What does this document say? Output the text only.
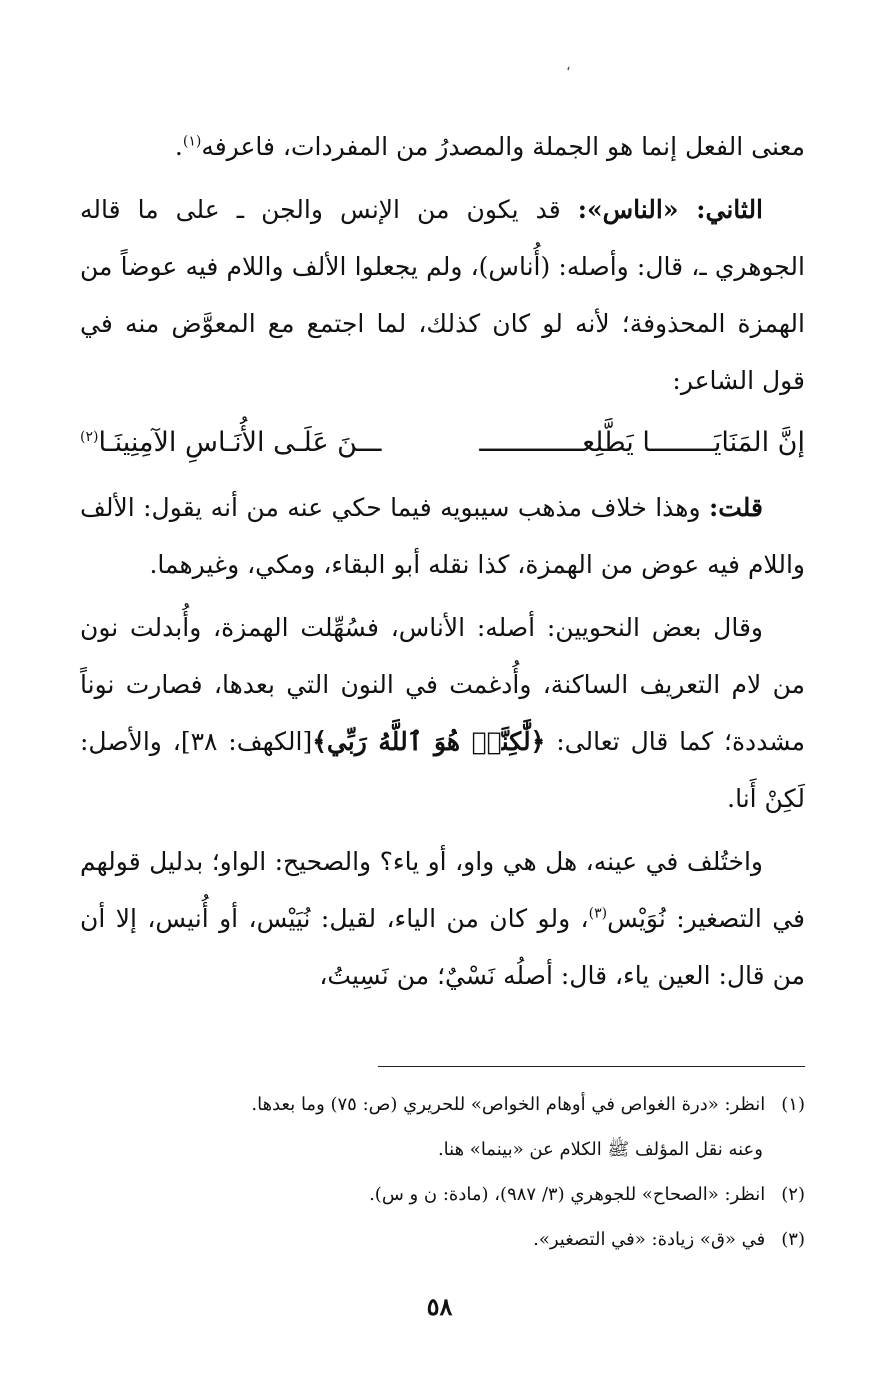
،

معنى الفعل إنما هو الجملة والمصدرُ من المفردات، فاعرفه$^{(١)}$.

الثاني: «الناس»: قد يكون من الإنس والجن ـ على ما قاله الجوهري ـ، قال: وأصله: (أُناس)، ولم يجعلوا الألف واللام فيه عوضاً من الهمزة المحذوفة؛ لأنه لو كان كذلك، لما اجتمع مع المعوَّض منه في قول الشاعر:

إنَّ المَنَايَــــــــا يَطَّلِعـــــــــــــ
ـــنَ عَلَـى الأُنَـاسِ الآمِنِينَـا$^{(٢)}$

قلت: وهذا خلاف مذهب سيبويه فيما حكي عنه من أنه يقول: الألف واللام فيه عوض من الهمزة، كذا نقله أبو البقاء، ومكي، وغيرهما.

وقال بعض النحويين: أصله: الأناس، فسُهِّلت الهمزة، وأُبدلت نون من لام التعريف الساكنة، وأُدغمت في النون التي بعدها، فصارت نوناً مشددة؛ كما قال تعالى: ﴿لَّٰكِنَّا۠ هُوَ ٱللَّهُ رَبِّي﴾[الكهف: ٣٨]، والأصل: لَكِنْ أَنا.

واختُلف في عينه، هل هي واو، أو ياء؟ والصحيح: الواو؛ بدليل قولهم في التصغير: نُوَيْس$^{(٣)}$، ولو كان من الياء، لقيل: نُيَيْس، أو أُنيس، إلا أن من قال: العين ياء، قال: أصلُه نَسْيٌ؛ من نَسِيتُ،

(١) انظر: «درة الغواص في أوهام الخواص» للحريري (ص: ٧٥) وما بعدها.

وعنه نقل المؤلف ﷺ الكلام عن «بينما» هنا.

(٢) انظر: «الصحاح» للجوهري (٣/ ٩٨٧)، (مادة: ن و س).

(٣) في «ق» زيادة: «في التصغير».

٥٨
